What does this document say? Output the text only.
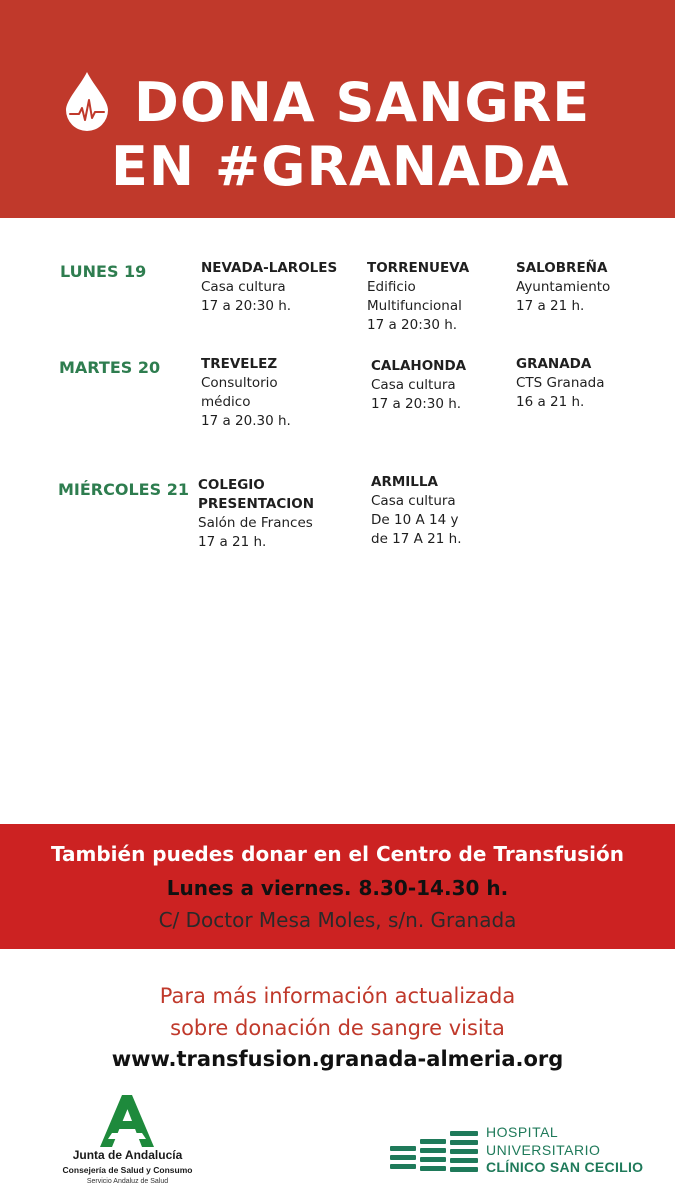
DONA SANGRE
EN #GRANADA
LUNES 19	NEVADA-LAROLES
Casa cultura
17 a 20:30 h.
TORRENUEVA
Edificio
Multifuncional
17 a 20:30 h.
SALOBREÑA
Ayuntamiento
17 a 21 h.
MARTES 20	TREVELEZ
Consultorio
médico
17 a 20.30 h.
CALAHONDA
Casa cultura
17 a 20:30 h.
GRANADA
CTS Granada
16 a 21 h.
MIÉRCOLES 21 COLEGIO
PRESENTACION
Salón de Frances
17 a 21 h.
ARMILLA
Casa cultura
De 10 A 14 y
de 17 A 21 h.
También puedes donar en el Centro de Transfusión
Lunes a viernes. 8.30-14.30 h.
C/ Doctor Mesa Moles, s/n. Granada
Para más información actualizada
sobre donación de sangre visita
www.transfusion.granada-almeria.org
Junta de Andalucía
Consejería de Salud y Consumo
Servicio Andaluz de Salud
HOSPITAL
UNIVERSITARIO
CLÍNICO SAN CECILIO
